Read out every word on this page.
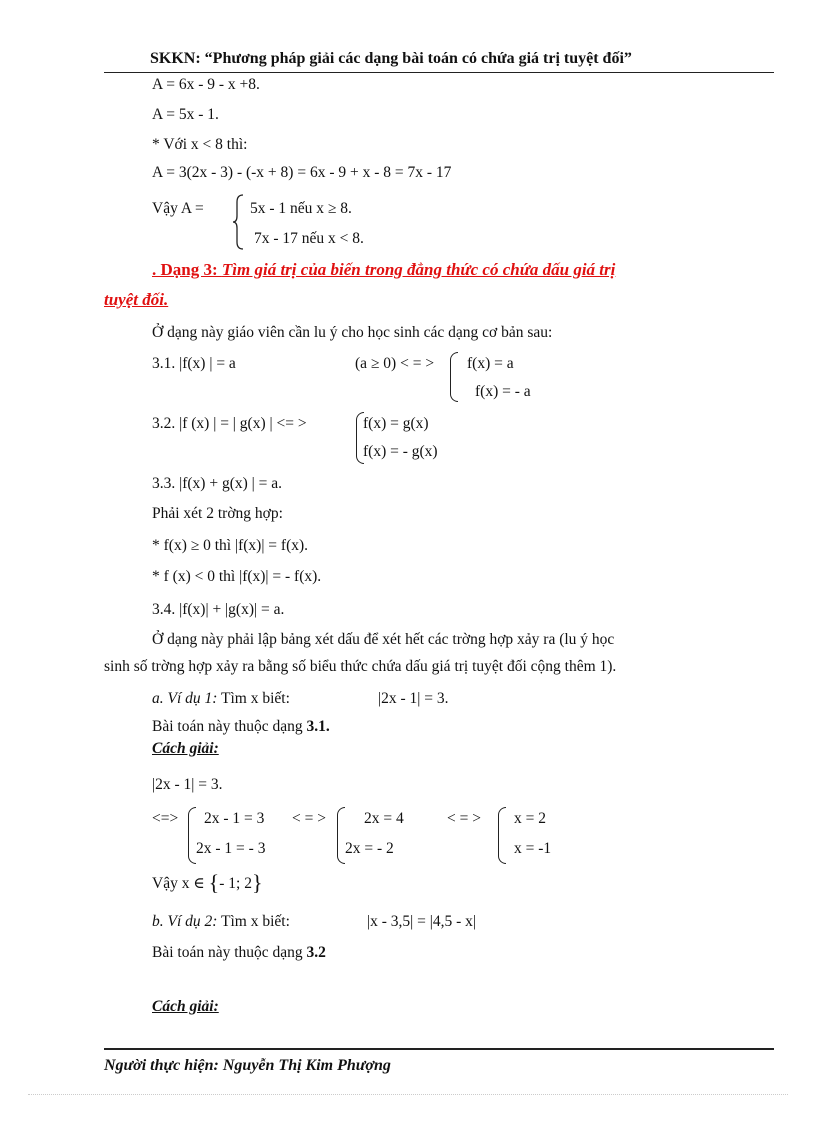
SKKN: “Phương pháp giải các dạng bài toán có chứa giá trị tuyệt đối”
A = 6x - 9 - x +8.
A = 5x - 1.
* Với x < 8 thì:
A = 3(2x - 3) - (-x + 8) = 6x - 9 + x - 8 = 7x - 17
Vậy A =	5x - 1 nếu x ≥ 8.
7x - 17 nếu x < 8.
. Dạng 3: Tìm giá trị của biến trong đẳng thức có chứa dấu giá trị
tuyệt đối.
Ở dạng này giáo viên cần lu ý cho học sinh các dạng cơ bản sau:
3.1. |f(x) | = a	(a ≥ 0) < = > f(x) = a
f(x) = - a
3.2. |f (x) | = | g(x) | <= >	f(x) = g(x)
f(x) = - g(x)
3.3. |f(x) + g(x) | = a.
Phải xét 2 trờng hợp:
* f(x) ≥ 0 thì |f(x)| = f(x).
* f (x) < 0 thì |f(x)| = - f(x).
3.4. |f(x)| + |g(x)| = a.
Ở dạng này phải lập bảng xét dấu để xét hết các trờng hợp xảy ra (lu ý học
sinh số trờng hợp xảy ra bằng số biểu thức chứa dấu giá trị tuyệt đối cộng thêm 1).
a. Ví dụ 1: Tìm x biết:	|2x - 1| = 3.
Bài toán này thuộc dạng 3.1.
Cách giải:
|2x - 1| = 3.
<=> 2x - 1 = 3
2x - 1 = - 3
< = > 2x = 4
2x = - 2
< = > x = 2
x = -1
Vậy x ∈ {- 1; 2}
b. Ví dụ 2: Tìm x biết:	|x - 3,5| = |4,5 - x|
Bài toán này thuộc dạng 3.2
Cách giải:
Người thực hiện: Nguyễn Thị Kim Phượng
